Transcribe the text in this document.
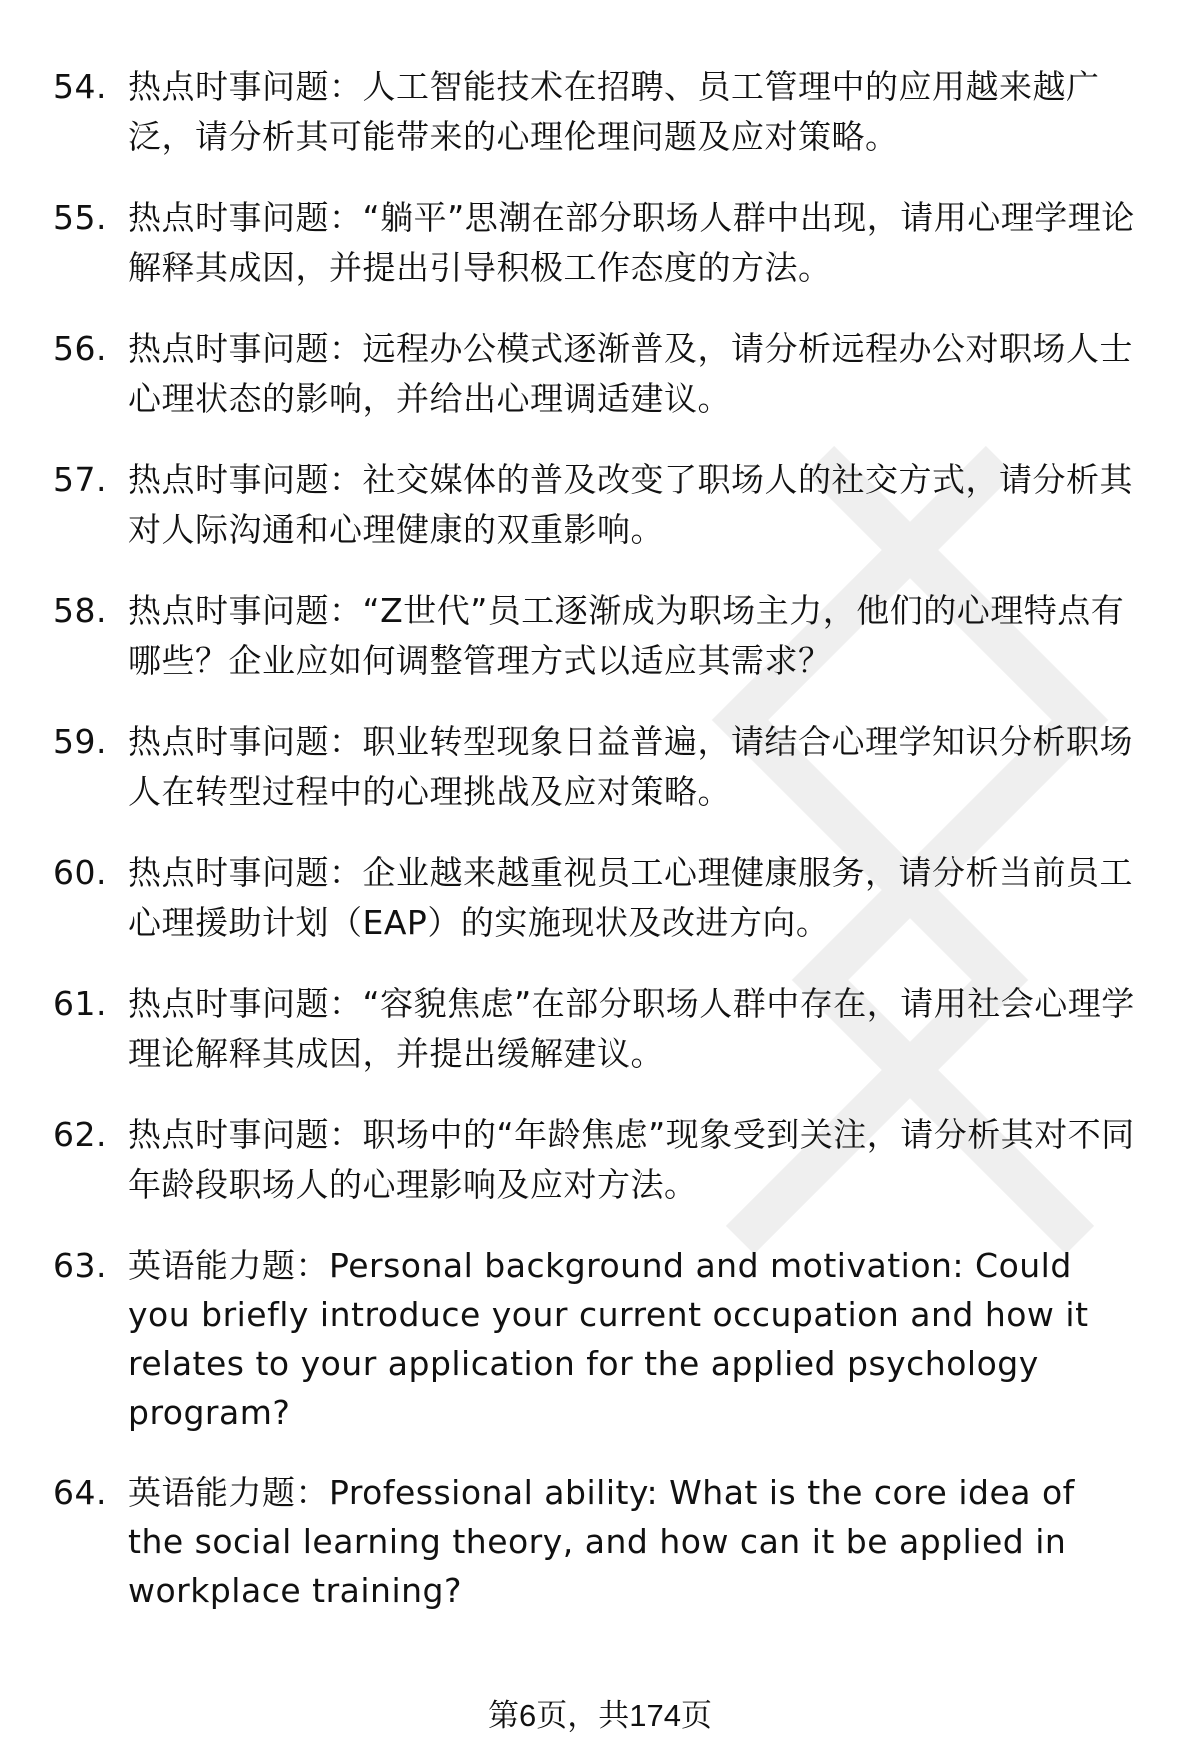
54. 热点时事问题：人工智能技术在招聘、员工管理中的应用越来越广泛，请分析其可能带来的心理伦理问题及应对策略。
55. 热点时事问题：“躺平”思潮在部分职场人群中出现，请用心理学理论解释其成因，并提出引导积极工作态度的方法。
56. 热点时事问题：远程办公模式逐渐普及，请分析远程办公对职场人士心理状态的影响，并给出心理调适建议。
57. 热点时事问题：社交媒体的普及改变了职场人的社交方式，请分析其对人际沟通和心理健康的双重影响。
58. 热点时事问题：“Z世代”员工逐渐成为职场主力，他们的心理特点有哪些？企业应如何调整管理方式以适应其需求？
59. 热点时事问题：职业转型现象日益普遍，请结合心理学知识分析职场人在转型过程中的心理挑战及应对策略。
60. 热点时事问题：企业越来越重视员工心理健康服务，请分析当前员工心理援助计划（EAP）的实施现状及改进方向。
61. 热点时事问题：“容貌焦虑”在部分职场人群中存在，请用社会心理学理论解释其成因，并提出缓解建议。
62. 热点时事问题：职场中的“年龄焦虑”现象受到关注，请分析其对不同年龄段职场人的心理影响及应对方法。
63. 英语能力题：Personal background and motivation: Could you briefly introduce your current occupation and how it relates to your application for the applied psychology program?
64. 英语能力题：Professional ability: What is the core idea of the social learning theory, and how can it be applied in workplace training?
第6页，共174页
